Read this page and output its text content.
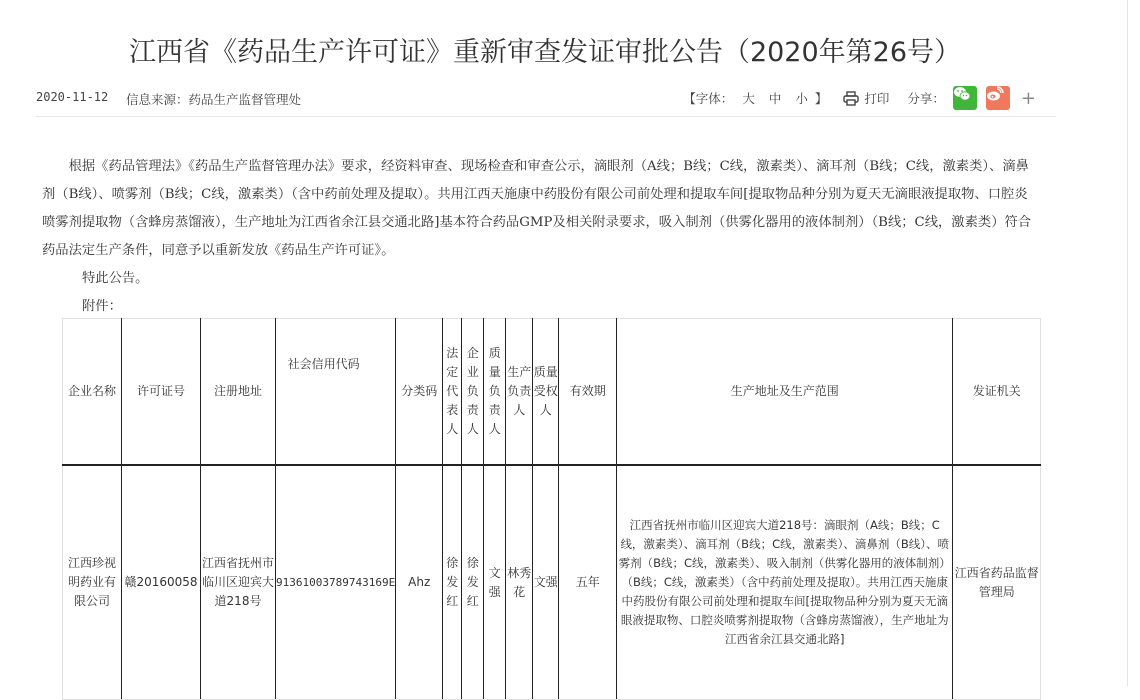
江西省《药品生产许可证》重新审查发证审批公告（2020年第26号）
2020-11-12 信息来源：药品生产监督管理处	【字体： 大 中 小 】	打印 分享：	+

根据《药品管理法》《药品生产监督管理办法》要求，经资料审查、现场检查和审查公示，滴眼剂（A线；B线；C线，激素类）、滴耳剂（B线；C线，激素类）、滴鼻剂（B线）、喷雾剂（B线；C线，激素类）（含中药前处理及提取）。共用江西天施康中药股份有限公司前处理和提取车间[提取物品种分别为夏天无滴眼液提取物、口腔炎喷雾剂提取物（含蜂房蒸馏液），生产地址为江西省余江县交通北路]基本符合药品GMP及相关附录要求，吸入制剂（供雾化器用的液体制剂）（B线；C线，激素类）符合药品法定生产条件，同意予以重新发放《药品生产许可证》。

特此公告。

附件：

企业名称	许可证号	注册地址	社会信用代码	分类码	法定代表人	企业负责人	质量负责人	生产负责人	质量受权人	有效期	生产地址及生产范围	发证机关
江西珍视明药业有限公司	赣20160058	江西省抚州市临川区迎宾大道218号	91361003789743169E	Ahz	徐发红	徐发红	文强	林秀花	文强	五年	江西省抚州市临川区迎宾大道218号：滴眼剂（A线；B线；C线，激素类）、滴耳剂（B线；C线，激素类）、滴鼻剂（B线）、喷雾剂（B线；C线，激素类）、吸入制剂（供雾化器用的液体制剂）（B线；C线，激素类）（含中药前处理及提取）。共用江西天施康中药股份有限公司前处理和提取车间[提取物品种分别为夏天无滴眼液提取物、口腔炎喷雾剂提取物（含蜂房蒸馏液），生产地址为江西省余江县交通北路]	江西省药品监督管理局
